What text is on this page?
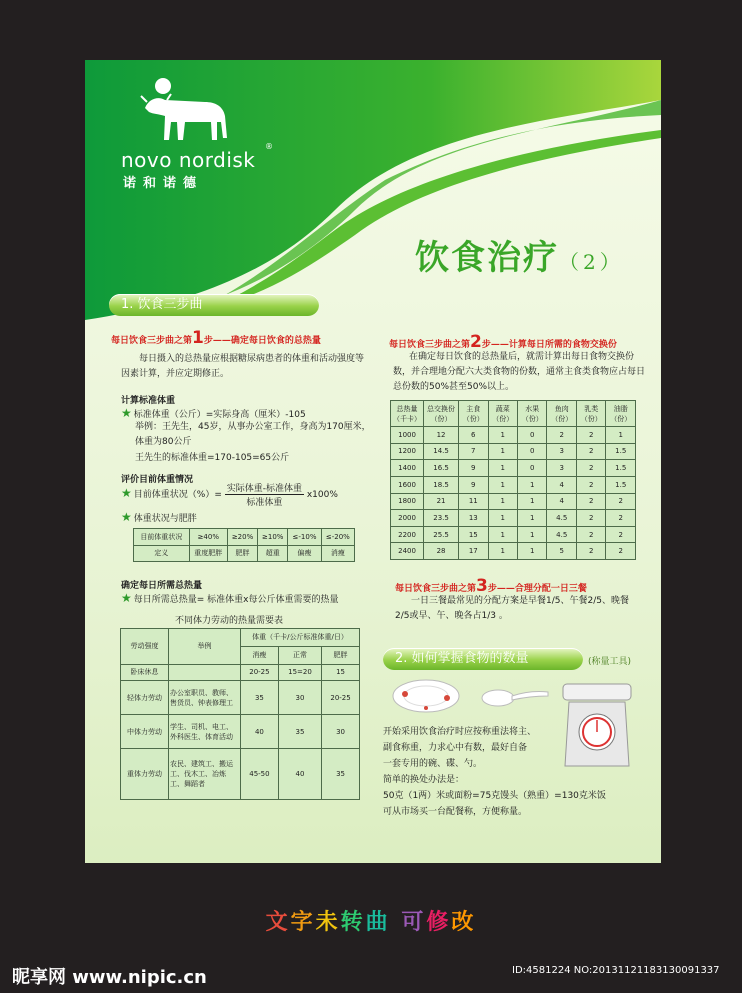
novo nordisk
®
诺和诺德
饮食治疗（2）
1. 饮食三步曲
每日饮食三步曲之第1步——确定每日饮食的总热量
每日摄入的总热量应根据糖尿病患者的体重和活动强度等因素计算，并应定期修正。
计算标准体重
★ 标准体重（公斤）=实际身高（厘米）-105
举例：王先生，45岁，从事办公室工作，身高为170厘米，体重为80公斤
王先生的标准体重=170-105=65公斤
评价目前体重情况
★ 目前体重状况（%）= $\frac{\text{实际体重-标准体重}}{\text{标准体重}} x100\%$
★ 体重状况与肥胖
目前体重状况	≥40%	≥20%	≥10%	≤-10%	≤-20%
定义	重度肥胖	肥胖	超重	偏瘦	消瘦
确定每日所需总热量
★ 每日所需总热量= 标准体重x每公斤体重需要的热量
不同体力劳动的热量需要表
劳动强度	举例	体重（千卡/公斤标准体重/日）		
		消瘦	正常	肥胖
卧床休息		20-25	15=20	15
轻体力劳动	办公室职员、教师、售货员、钟表修理工	35	30	20-25
中体力劳动	学生、司机、电工、外科医生、体育活动	40	35	30
重体力劳动	农民、建筑工、搬运工、伐木工、冶炼工、舞蹈者	45-50	40	35
每日饮食三步曲之第2步——计算每日所需的食物交换份
在确定每日饮食的总热量后，就需计算出每日食物交换份数，并合理地分配六大类食物的份数，通常主食类食物应占每日总份数的50%甚至50%以上。
总热量（千卡）	总交换份（份）	主食（份）	蔬菜（份）	水果（份）	鱼肉（份）	乳类（份）	油脂（份）
1000	12	6	1	0	2	2	1
1200	14.5	7	1	0	3	2	1.5
1400	16.5	9	1	0	3	2	1.5
1600	18.5	9	1	1	4	2	1.5
1800	21	11	1	1	4	2	2
2000	23.5	13	1	1	4.5	2	2
2200	25.5	15	1	1	4.5	2	2
2400	28	17	1	1	5	2	2
每日饮食三步曲之第3步——合理分配一日三餐
一日三餐最常见的分配方案是早餐1/5、午餐2/5、晚餐2/5或早、午、晚各占1/3 。
2. 如何掌握食物的数量	(称量工具)
开始采用饮食治疗时应按称重法将主、
副食称重，力求心中有数，最好自备
一套专用的碗、碟、勺。
简单的换处办法是：
50克（1两）米或面粉=75克馒头（熟重）=130克米饭
可从市场买一台配餐称，方便称量。
文字未转曲 可修改
昵享网 www.nipic.cn	ID:4581224 NO:20131121183130091337
